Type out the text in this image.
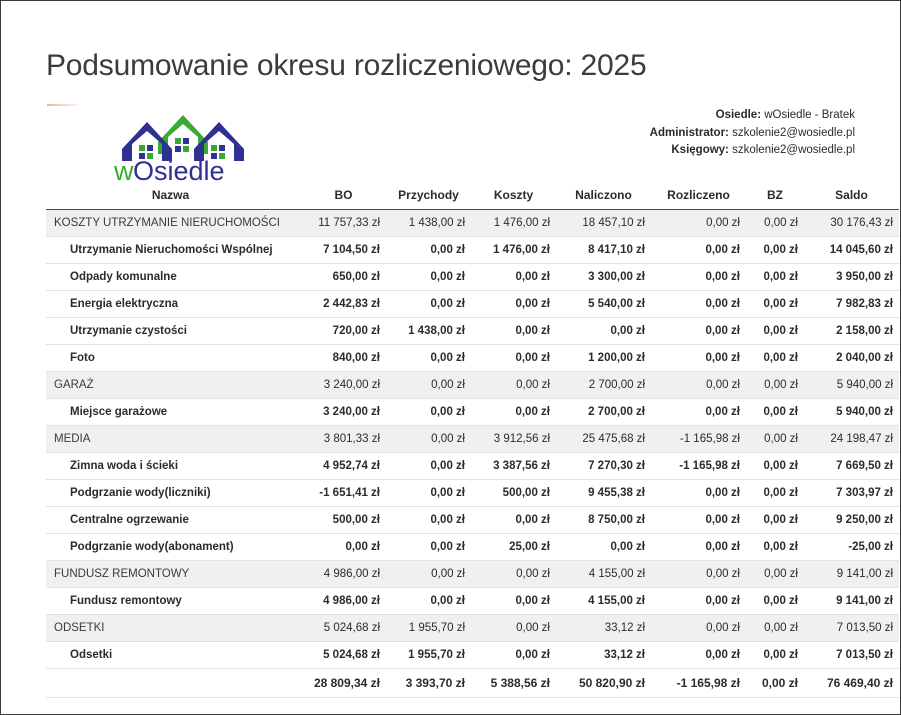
Podsumowanie okresu rozliczeniowego: 2025
w Osiedle
Osiedle: wOsiedle - Bratek
Administrator: szkolenie2@wosiedle.pl
Księgowy: szkolenie2@wosiedle.pl
Nazwa	BO	Przychody	Koszty	Naliczono	Rozliczeno	BZ	Saldo
KOSZTY UTRZYMANIE NIERUCHOMOŚCI	11 757,33 zł	1 438,00 zł	1 476,00 zł	18 457,10 zł	0,00 zł	0,00 zł	30 176,43 zł
Utrzymanie Nieruchomości Wspólnej	7 104,50 zł	0,00 zł	1 476,00 zł	8 417,10 zł	0,00 zł	0,00 zł	14 045,60 zł
Odpady komunalne	650,00 zł	0,00 zł	0,00 zł	3 300,00 zł	0,00 zł	0,00 zł	3 950,00 zł
Energia elektryczna	2 442,83 zł	0,00 zł	0,00 zł	5 540,00 zł	0,00 zł	0,00 zł	7 982,83 zł
Utrzymanie czystości	720,00 zł	1 438,00 zł	0,00 zł	0,00 zł	0,00 zł	0,00 zł	2 158,00 zł
Foto	840,00 zł	0,00 zł	0,00 zł	1 200,00 zł	0,00 zł	0,00 zł	2 040,00 zł
GARAŻ	3 240,00 zł	0,00 zł	0,00 zł	2 700,00 zł	0,00 zł	0,00 zł	5 940,00 zł
Miejsce garażowe	3 240,00 zł	0,00 zł	0,00 zł	2 700,00 zł	0,00 zł	0,00 zł	5 940,00 zł
MEDIA	3 801,33 zł	0,00 zł	3 912,56 zł	25 475,68 zł	-1 165,98 zł	0,00 zł	24 198,47 zł
Zimna woda i ścieki	4 952,74 zł	0,00 zł	3 387,56 zł	7 270,30 zł	-1 165,98 zł	0,00 zł	7 669,50 zł
Podgrzanie wody(liczniki)	-1 651,41 zł	0,00 zł	500,00 zł	9 455,38 zł	0,00 zł	0,00 zł	7 303,97 zł
Centralne ogrzewanie	500,00 zł	0,00 zł	0,00 zł	8 750,00 zł	0,00 zł	0,00 zł	9 250,00 zł
Podgrzanie wody(abonament)	0,00 zł	0,00 zł	25,00 zł	0,00 zł	0,00 zł	0,00 zł	-25,00 zł
FUNDUSZ REMONTOWY	4 986,00 zł	0,00 zł	0,00 zł	4 155,00 zł	0,00 zł	0,00 zł	9 141,00 zł
Fundusz remontowy	4 986,00 zł	0,00 zł	0,00 zł	4 155,00 zł	0,00 zł	0,00 zł	9 141,00 zł
ODSETKI	5 024,68 zł	1 955,70 zł	0,00 zł	33,12 zł	0,00 zł	0,00 zł	7 013,50 zł
Odsetki	5 024,68 zł	1 955,70 zł	0,00 zł	33,12 zł	0,00 zł	0,00 zł	7 013,50 zł
	28 809,34 zł	3 393,70 zł	5 388,56 zł	50 820,90 zł	-1 165,98 zł	0,00 zł	76 469,40 zł
